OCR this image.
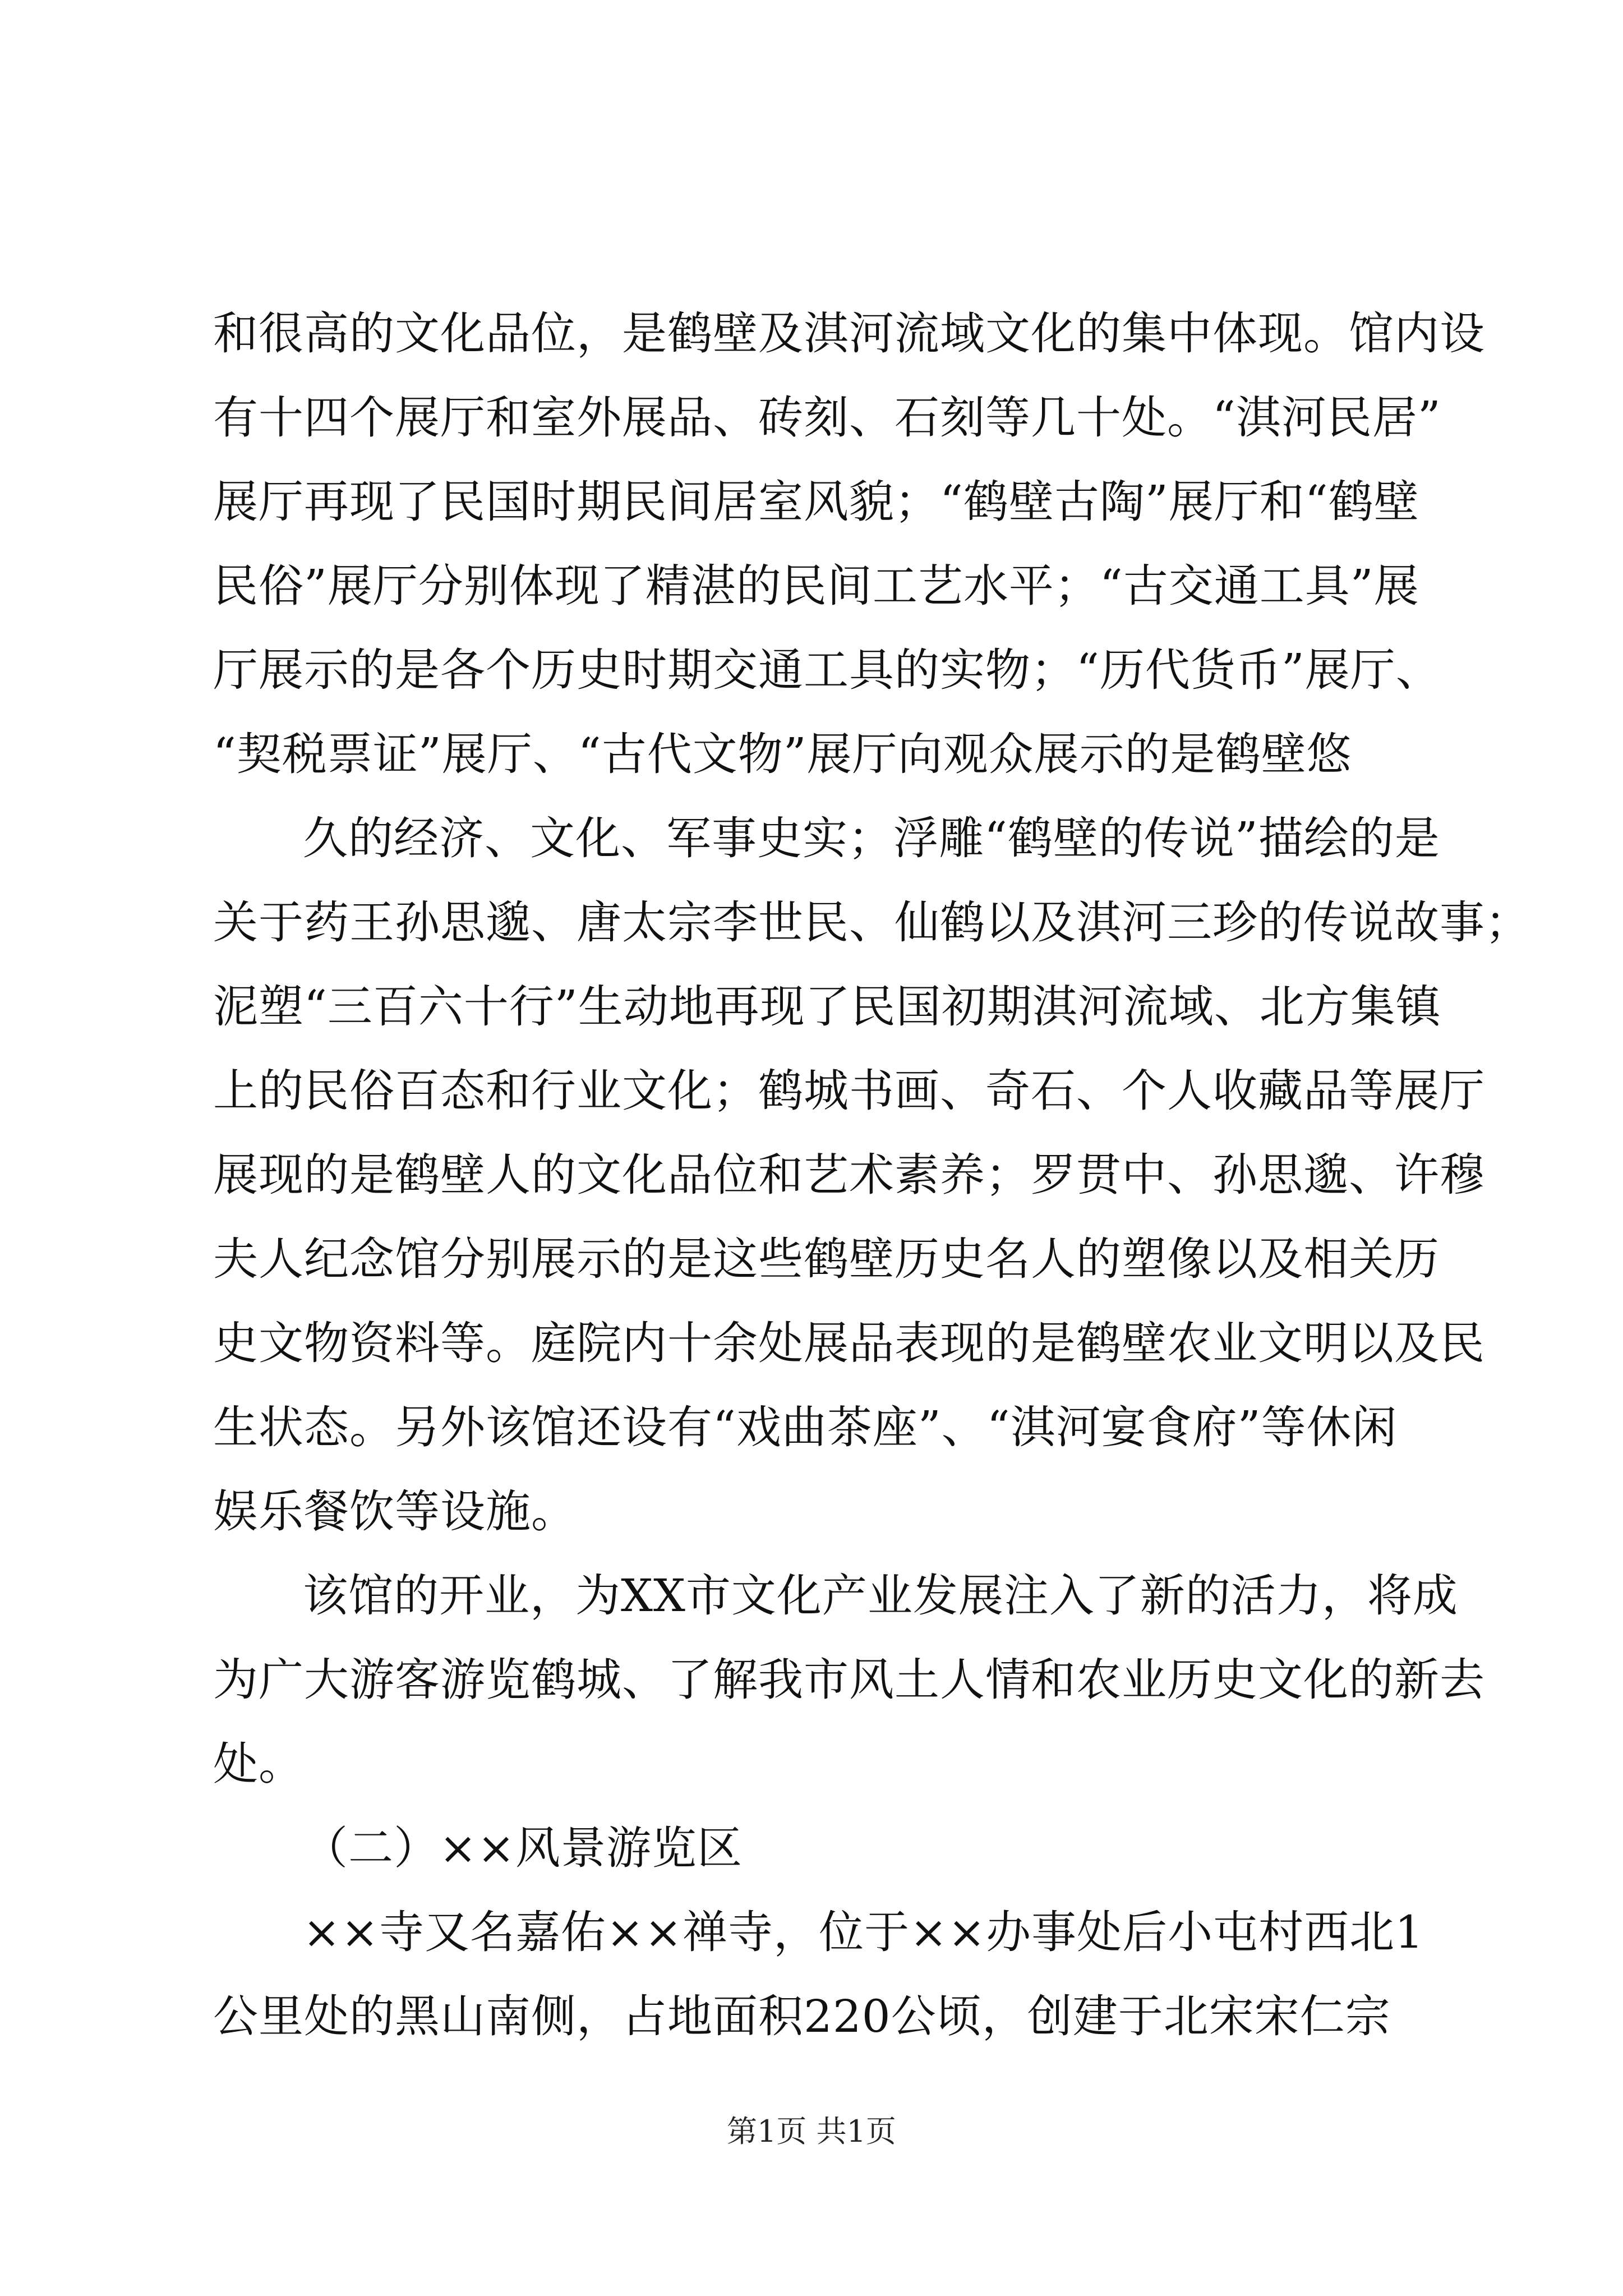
和很高的文化品位，是鹤壁及淇河流域文化的集中体现。馆内设
有十四个展厅和室外展品、砖刻、石刻等几十处。“淇河民居”
展厅再现了民国时期民间居室风貌；“鹤壁古陶”展厅和“鹤壁
民俗”展厅分别体现了精湛的民间工艺水平；“古交通工具”展
厅展示的是各个历史时期交通工具的实物；“历代货币”展厅、
“契税票证”展厅、“古代文物”展厅向观众展示的是鹤壁悠
久的经济、文化、军事史实；浮雕“鹤壁的传说”描绘的是
关于药王孙思邈、唐太宗李世民、仙鹤以及淇河三珍的传说故事；
泥塑“三百六十行”生动地再现了民国初期淇河流域、北方集镇
上的民俗百态和行业文化；鹤城书画、奇石、个人收藏品等展厅
展现的是鹤壁人的文化品位和艺术素养；罗贯中、孙思邈、许穆
夫人纪念馆分别展示的是这些鹤壁历史名人的塑像以及相关历
史文物资料等。庭院内十余处展品表现的是鹤壁农业文明以及民
生状态。另外该馆还设有“戏曲茶座”、“淇河宴食府”等休闲
娱乐餐饮等设施。
该馆的开业，为XX市文化产业发展注入了新的活力，将成
为广大游客游览鹤城、了解我市风土人情和农业历史文化的新去
处。
（二）××风景游览区
××寺又名嘉佑××禅寺，位于××办事处后小屯村西北1
公里处的黑山南侧，占地面积220公顷，创建于北宋宋仁宗
第1页 共1页
